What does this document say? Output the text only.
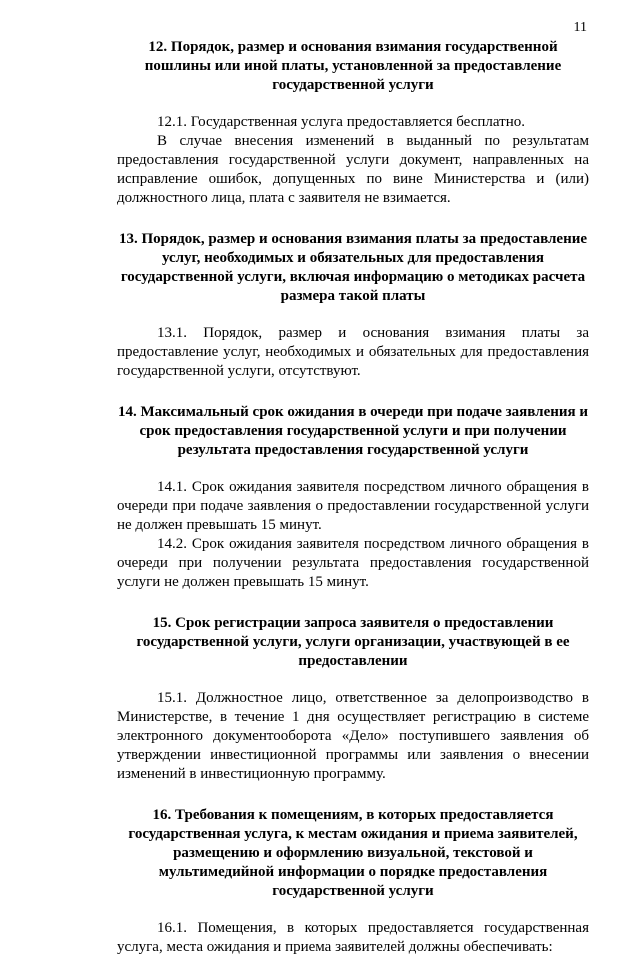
11

12. Порядок, размер и основания взимания государственной пошлины или иной платы, установленной за предоставление государственной услуги

12.1. Государственная услуга предоставляется бесплатно.

В случае внесения изменений в выданный по результатам предоставления государственной услуги документ, направленных на исправление ошибок, допущенных по вине Министерства и (или) должностного лица, плата с заявителя не взимается.

13. Порядок, размер и основания взимания платы за предоставление услуг, необходимых и обязательных для предоставления государственной услуги, включая информацию о методиках расчета размера такой платы

13.1. Порядок, размер и основания взимания платы за предоставление услуг, необходимых и обязательных для предоставления государственной услуги, отсутствуют.

14. Максимальный срок ожидания в очереди при подаче заявления и срок предоставления государственной услуги и при получении результата предоставления государственной услуги

14.1. Срок ожидания заявителя посредством личного обращения в очереди при подаче заявления о предоставлении государственной услуги не должен превышать 15 минут.

14.2. Срок ожидания заявителя посредством личного обращения в очереди при получении результата предоставления государственной услуги не должен превышать 15 минут.

15. Срок регистрации запроса заявителя о предоставлении государственной услуги, услуги организации, участвующей в ее предоставлении

15.1. Должностное лицо, ответственное за делопроизводство в Министерстве, в течение 1 дня осуществляет регистрацию в системе электронного документооборота «Дело» поступившего заявления об утверждении инвестиционной программы или заявления о внесении изменений в инвестиционную программу.

16. Требования к помещениям, в которых предоставляется государственная услуга, к местам ожидания и приема заявителей, размещению и оформлению визуальной, текстовой и мультимедийной информации о порядке предоставления государственной услуги

16.1. Помещения, в которых предоставляется государственная услуга, места ожидания и приема заявителей должны обеспечивать:
